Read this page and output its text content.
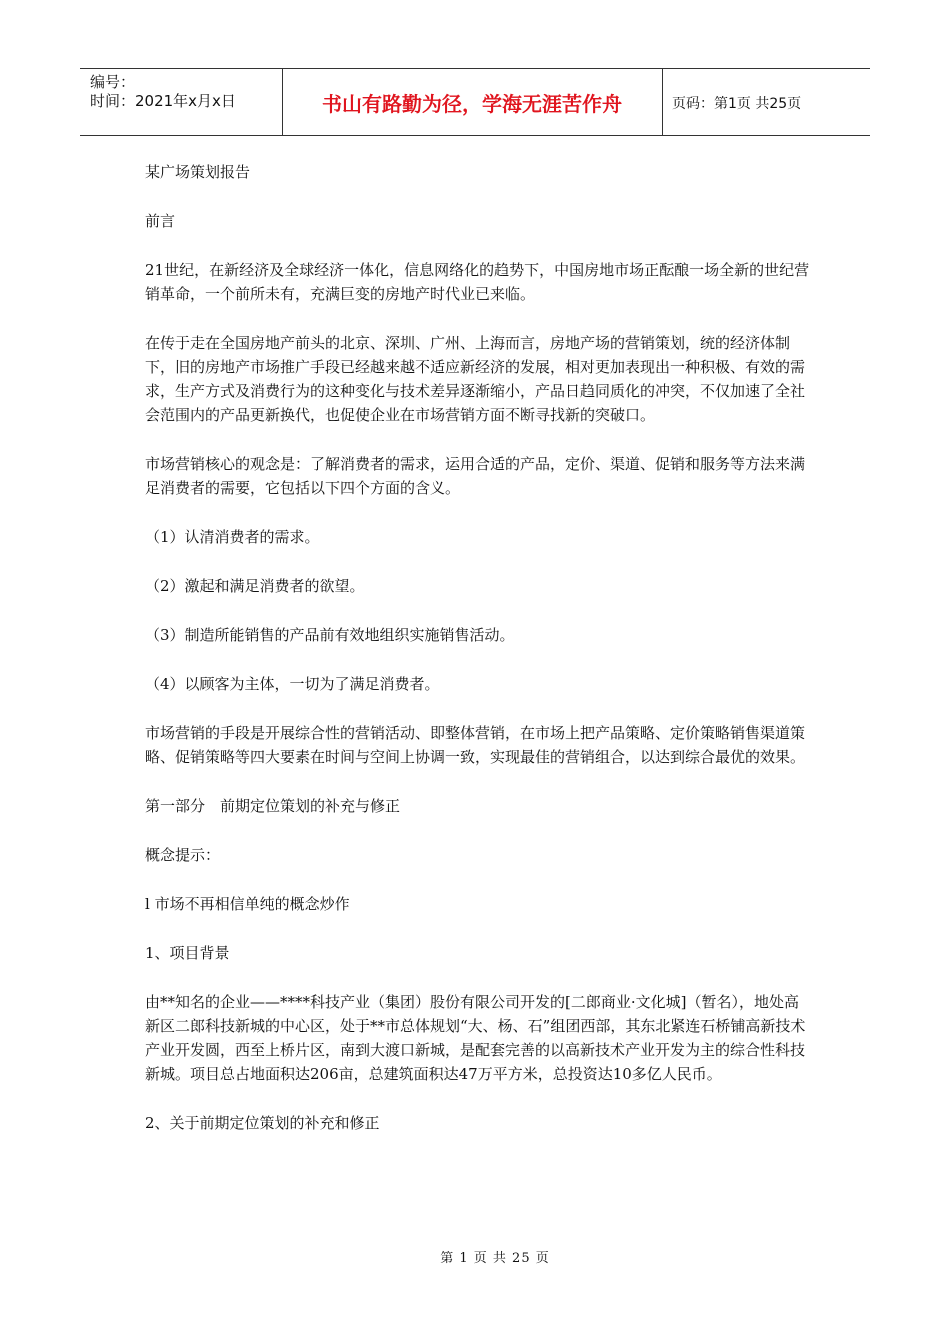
编号：
时间：2021年x月x日	书山有路勤为径，学海无涯苦作舟	页码：第1页 共25页

某广场策划报告

前言

21世纪，在新经济及全球经济一体化，信息网络化的趋势下，中国房地市场正酝酿一场全新的世纪营销革命，一个前所未有，充满巨变的房地产时代业已来临。

在传于走在全国房地产前头的北京、深圳、广州、上海而言，房地产场的营销策划，统的经济体制下，旧的房地产市场推广手段已经越来越不适应新经济的发展，相对更加表现出一种积极、有效的需求，生产方式及消费行为的这种变化与技术差异逐渐缩小，产品日趋同质化的冲突，不仅加速了全社会范围内的产品更新换代，也促使企业在市场营销方面不断寻找新的突破口。

市场营销核心的观念是：了解消费者的需求，运用合适的产品，定价、渠道、促销和服务等方法来满足消费者的需要，它包括以下四个方面的含义。

（1）认清消费者的需求。

（2）激起和满足消费者的欲望。

（3）制造所能销售的产品前有效地组织实施销售活动。

（4）以顾客为主体，一切为了满足消费者。

市场营销的手段是开展综合性的营销活动、即整体营销，在市场上把产品策略、定价策略销售渠道策略、促销策略等四大要素在时间与空间上协调一致，实现最佳的营销组合，以达到综合最优的效果。

第一部分　前期定位策划的补充与修正

概念提示：

l 市场不再相信单纯的概念炒作

1、项目背景

由**知名的企业——****科技产业（集团）股份有限公司开发的[二郎商业·文化城]（暂名），地处高新区二郎科技新城的中心区，处于**市总体规划“大、杨、石”组团西部，其东北紧连石桥铺高新技术产业开发圆，西至上桥片区，南到大渡口新城，是配套完善的以高新技术产业开发为主的综合性科技新城。项目总占地面积达206亩，总建筑面积达47万平方米，总投资达10多亿人民币。

2、关于前期定位策划的补充和修正

第 1 页 共 25 页
